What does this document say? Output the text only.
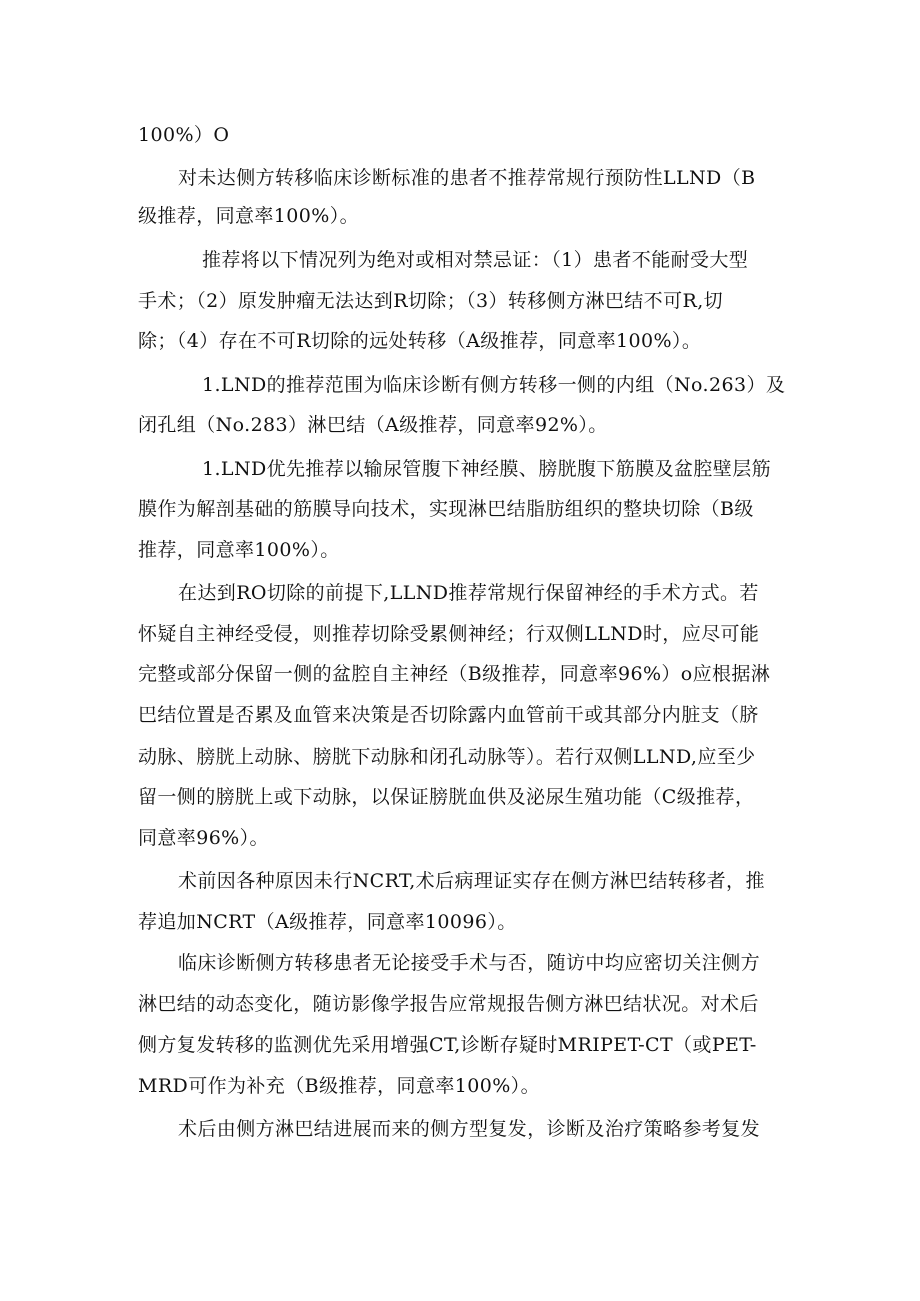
100%）O

对未达侧方转移临床诊断标准的患者不推荐常规行预防性LLND（B

级推荐，同意率100%）。

推荐将以下情况列为绝对或相对禁忌证：（1）患者不能耐受大型

手术；（2）原发肿瘤无法达到R切除；（3）转移侧方淋巴结不可R,切

除；（4）存在不可R切除的远处转移（A级推荐，同意率100%）。

1.LND的推荐范围为临床诊断有侧方转移一侧的内组（No.263）及

闭孔组（No.283）淋巴结（A级推荐，同意率92%）。

1.LND优先推荐以输尿管腹下神经膜、膀胱腹下筋膜及盆腔壁层筋

膜作为解剖基础的筋膜导向技术，实现淋巴结脂肪组织的整块切除（B级

推荐，同意率100%）。

在达到RO切除的前提下,LLND推荐常规行保留神经的手术方式。若

怀疑自主神经受侵，则推荐切除受累侧神经；行双侧LLND时，应尽可能

完整或部分保留一侧的盆腔自主神经（B级推荐，同意率96%）o应根据淋

巴结位置是否累及血管来决策是否切除露内血管前干或其部分内脏支（脐

动脉、膀胱上动脉、膀胱下动脉和闭孔动脉等）。若行双侧LLND,应至少

留一侧的膀胱上或下动脉，以保证膀胱血供及泌尿生殖功能（C级推荐，

同意率96%）。

术前因各种原因未行NCRT,术后病理证实存在侧方淋巴结转移者，推

荐追加NCRT（A级推荐，同意率10096）。

临床诊断侧方转移患者无论接受手术与否，随访中均应密切关注侧方

淋巴结的动态变化，随访影像学报告应常规报告侧方淋巴结状况。对术后

侧方复发转移的监测优先采用增强CT,诊断存疑时MRIPET-CT（或PET-

MRD可作为补充（B级推荐，同意率100%）。

术后由侧方淋巴结进展而来的侧方型复发，诊断及治疗策略参考复发
